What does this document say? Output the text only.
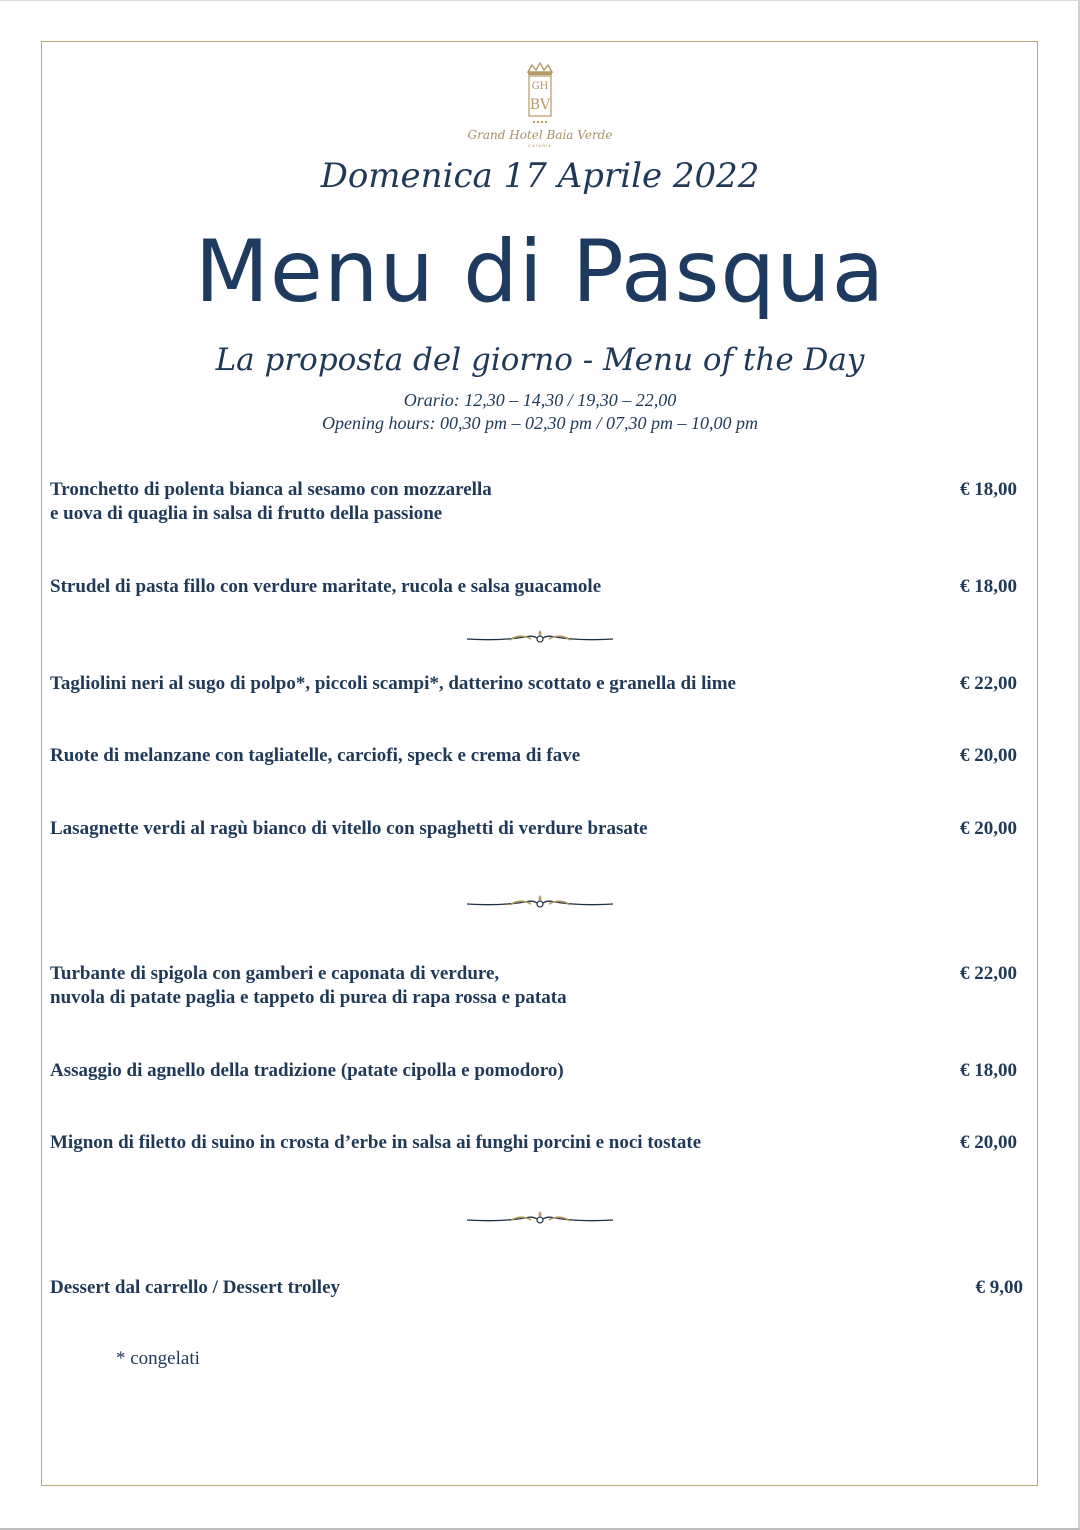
GH
BV
Grand Hotel Baia Verde
CATANIA
Domenica 17 Aprile 2022
Menu di Pasqua
La proposta del giorno - Menu of the Day
Orario: 12,30 – 14,30 / 19,30 – 22,00
Opening hours: 00,30 pm – 02,30 pm / 07,30 pm – 10,00 pm
Tronchetto di polenta bianca al sesamo con mozzarella
e uova di quaglia in salsa di frutto della passione
€ 18,00
Strudel di pasta fillo con verdure maritate, rucola e salsa guacamole	€ 18,00
Tagliolini neri al sugo di polpo*, piccoli scampi*, datterino scottato e granella di lime	€ 22,00
Ruote di melanzane con tagliatelle, carciofi, speck e crema di fave	€ 20,00
Lasagnette verdi al ragù bianco di vitello con spaghetti di verdure brasate	€ 20,00
Turbante di spigola con gamberi e caponata di verdure,
nuvola di patate paglia e tappeto di purea di rapa rossa e patata
€ 22,00
Assaggio di agnello della tradizione (patate cipolla e pomodoro)	€ 18,00
Mignon di filetto di suino in crosta d’erbe in salsa ai funghi porcini e noci tostate	€ 20,00
Dessert dal carrello / Dessert trolley	€ 9,00
* congelati
